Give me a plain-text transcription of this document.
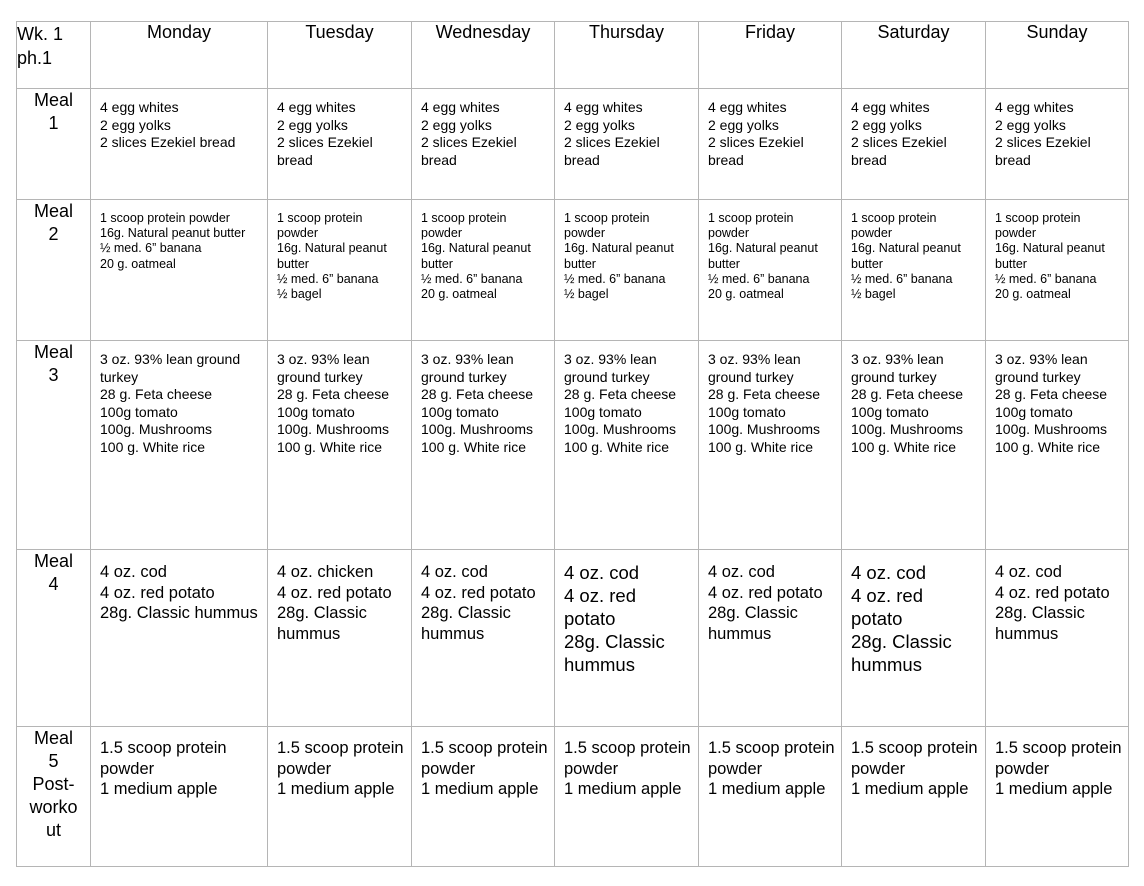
Wk. 1
ph.1	Monday	Tuesday	Wednesday	Thursday	Friday	Saturday	Sunday
Meal
1	4 egg whites
2 egg yolks
2 slices Ezekiel bread	4 egg whites
2 egg yolks
2 slices Ezekiel bread	4 egg whites
2 egg yolks
2 slices Ezekiel bread	4 egg whites
2 egg yolks
2 slices Ezekiel bread	4 egg whites
2 egg yolks
2 slices Ezekiel bread	4 egg whites
2 egg yolks
2 slices Ezekiel bread	4 egg whites
2 egg yolks
2 slices Ezekiel bread

Meal
2	1 scoop protein powder
16g. Natural peanut butter
½ med. 6” banana
20 g. oatmeal	1 scoop protein powder
16g. Natural peanut butter
½ med. 6” banana
½ bagel	1 scoop protein powder
16g. Natural peanut butter
½ med. 6” banana
20 g. oatmeal	1 scoop protein powder
16g. Natural peanut butter
½ med. 6” banana
½ bagel	1 scoop protein powder
16g. Natural peanut butter
½ med. 6” banana
20 g. oatmeal	1 scoop protein powder
16g. Natural peanut butter
½ med. 6” banana
½ bagel	1 scoop protein powder
16g. Natural peanut butter
½ med. 6” banana
20 g. oatmeal

Meal
3	3 oz. 93% lean ground turkey
28 g. Feta cheese
100g tomato
100g. Mushrooms
100 g. White rice	3 oz. 93% lean ground turkey
28 g. Feta cheese
100g tomato
100g. Mushrooms
100 g. White rice	3 oz. 93% lean ground turkey
28 g. Feta cheese
100g tomato
100g. Mushrooms
100 g. White rice	3 oz. 93% lean ground turkey
28 g. Feta cheese
100g tomato
100g. Mushrooms
100 g. White rice	3 oz. 93% lean ground turkey
28 g. Feta cheese
100g tomato
100g. Mushrooms
100 g. White rice	3 oz. 93% lean ground turkey
28 g. Feta cheese
100g tomato
100g. Mushrooms
100 g. White rice	3 oz. 93% lean ground turkey
28 g. Feta cheese
100g tomato
100g. Mushrooms
100 g. White rice

Meal
4	4 oz. cod
4 oz. red potato
28g. Classic hummus	4 oz. chicken
4 oz. red potato
28g. Classic hummus	4 oz. cod
4 oz. red potato
28g. Classic hummus	4 oz. cod
4 oz. red potato
28g. Classic hummus	4 oz. cod
4 oz. red potato
28g. Classic hummus	4 oz. cod
4 oz. red potato
28g. Classic hummus	4 oz. cod
4 oz. red potato
28g. Classic hummus

Meal
5
Post-
worko
ut	1.5 scoop protein powder
1 medium apple	1.5 scoop protein powder
1 medium apple	1.5 scoop protein powder
1 medium apple	1.5 scoop protein powder
1 medium apple	1.5 scoop protein powder
1 medium apple	1.5 scoop protein powder
1 medium apple	1.5 scoop protein powder
1 medium apple
